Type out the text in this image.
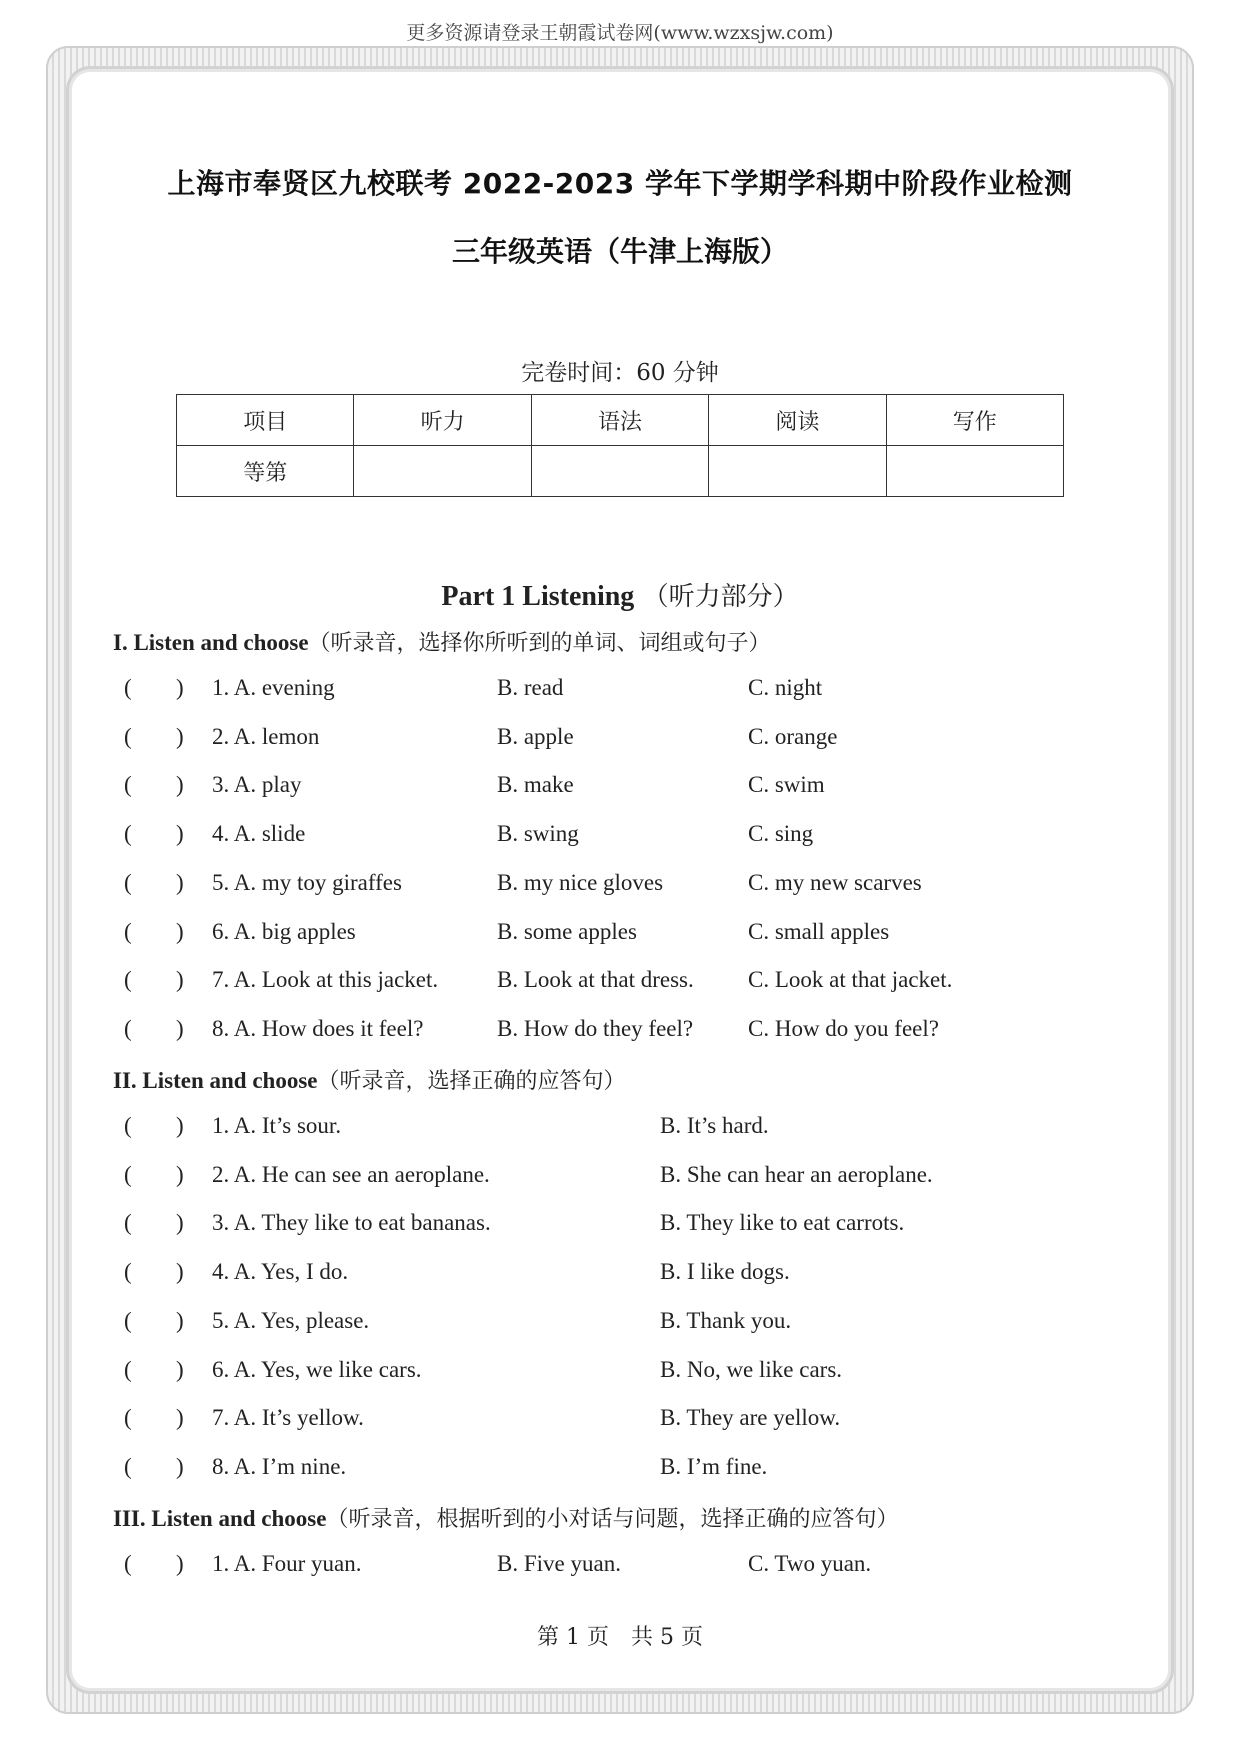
更多资源请登录王朝霞试卷网(www.wzxsjw.com)
上海市奉贤区九校联考 2022-2023 学年下学期学科期中阶段作业检测
三年级英语（牛津上海版）
完卷时间：60 分钟
项目	听力	语法	阅读	写作
等第				
Part 1 Listening （听力部分）
I. Listen and choose（听录音，选择你所听到的单词、词组或句子）
( ) 1. A. evening	B. read	C. night
( ) 2. A. lemon	B. apple	C. orange
( ) 3. A. play	B. make	C. swim
( ) 4. A. slide	B. swing	C. sing
( ) 5. A. my toy giraffes	B. my nice gloves	C. my new scarves
( ) 6. A. big apples	B. some apples	C. small apples
( ) 7. A. Look at this jacket.	B. Look at that dress. C. Look at that jacket.
( ) 8. A. How does it feel?	B. How do they feel? C. How do you feel?
II. Listen and choose（听录音，选择正确的应答句）
( ) 1. A. It’s sour.	B. It’s hard.
( ) 2. A. He can see an aeroplane.	B. She can hear an aeroplane.
( ) 3. A. They like to eat bananas.	B. They like to eat carrots.
( ) 4. A. Yes, I do.	B. I like dogs.
( ) 5. A. Yes, please.	B. Thank you.
( ) 6. A. Yes, we like cars.	B. No, we like cars.
( ) 7. A. It’s yellow.	B. They are yellow.
( ) 8. A. I’m nine.	B. I’m fine.
III. Listen and choose（听录音，根据听到的小对话与问题，选择正确的应答句）
( ) 1. A. Four yuan.	B. Five yuan.	C. Two yuan.
第 1 页　共 5 页
